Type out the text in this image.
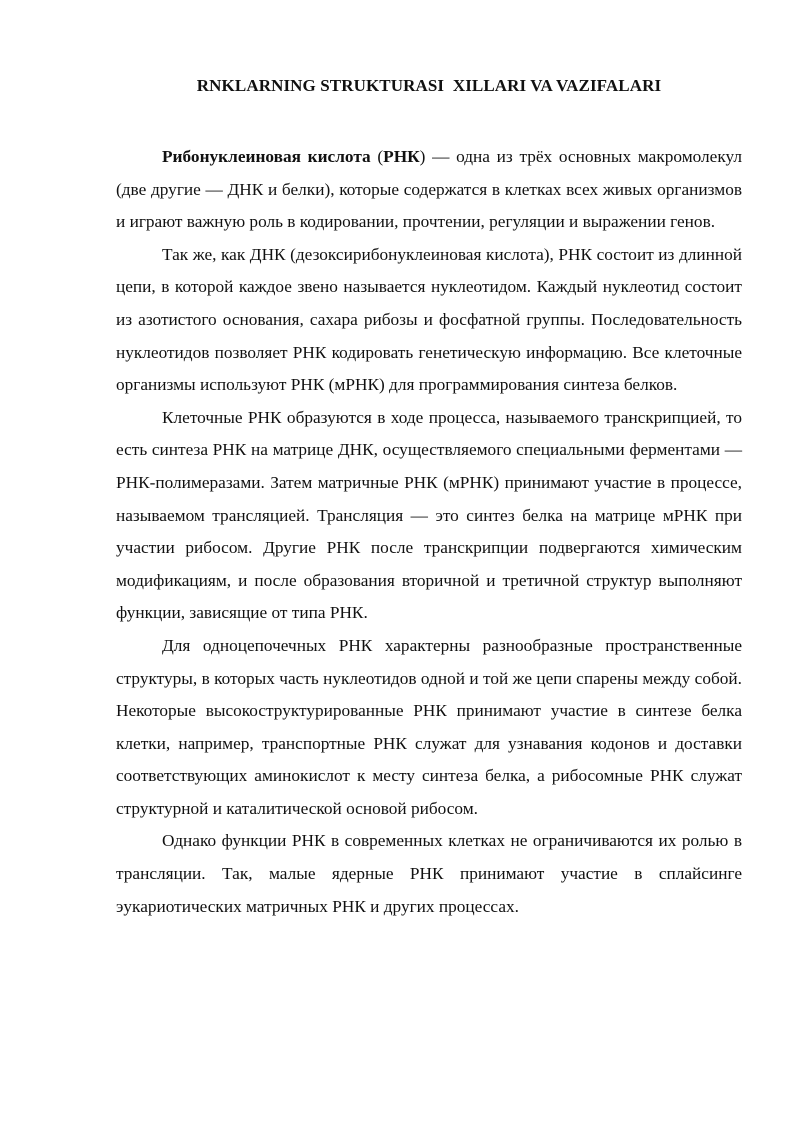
RNKLARNING STRUKTURASI  XILLARI VA VAZIFALARI

Рибонуклеиновая кислота (РНК) — одна из трёх основных макромолекул (две другие — ДНК и белки), которые содержатся в клетках всех живых организмов и играют важную роль в кодировании, прочтении, регуляции и выражении генов.

Так же, как ДНК (дезоксирибонуклеиновая кислота), РНК состоит из длинной цепи, в которой каждое звено называется нуклеотидом. Каждый нуклеотид состоит из азотистого основания, сахара рибозы и фосфатной группы. Последовательность нуклеотидов позволяет РНК кодировать генетическую информацию. Все клеточные организмы используют РНК (мРНК) для программирования синтеза белков.

Клеточные РНК образуются в ходе процесса, называемого транскрипцией, то есть синтеза РНК на матрице ДНК, осуществляемого специальными ферментами — РНК-полимеразами. Затем матричные РНК (мРНК) принимают участие в процессе, называемом трансляцией. Трансляция — это синтез белка на матрице мРНК при участии рибосом. Другие РНК после транскрипции подвергаются химическим модификациям, и после образования вторичной и третичной структур выполняют функции, зависящие от типа РНК.

Для одноцепочечных РНК характерны разнообразные пространственные структуры, в которых часть нуклеотидов одной и той же цепи спарены между собой. Некоторые высокоструктурированные РНК принимают участие в синтезе белка клетки, например, транспортные РНК служат для узнавания кодонов и доставки соответствующих аминокислот к месту синтеза белка, а рибосомные РНК служат структурной и каталитической основой рибосом.

Однако функции РНК в современных клетках не ограничиваются их ролью в трансляции. Так, малые ядерные РНК принимают участие в сплайсинге эукариотических матричных РНК и других процессах.
